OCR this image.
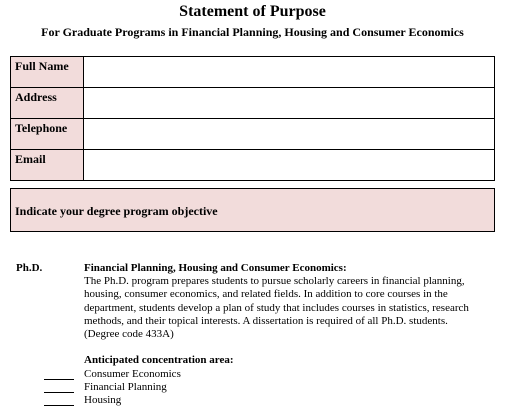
Statement of Purpose
For Graduate Programs in Financial Planning, Housing and Consumer Economics
Full Name	
Address	
Telephone	
Email	
Indicate your degree program objective
Ph.D.	Financial Planning, Housing and Consumer Economics:
The Ph.D. program prepares students to pursue scholarly careers in financial planning,
housing, consumer economics, and related fields. In addition to core courses in the
department, students develop a plan of study that includes courses in statistics, research
methods, and their topical interests. A dissertation is required of all Ph.D. students.
(Degree code 433A)
Anticipated concentration area:
Consumer Economics
Financial Planning
Housing
